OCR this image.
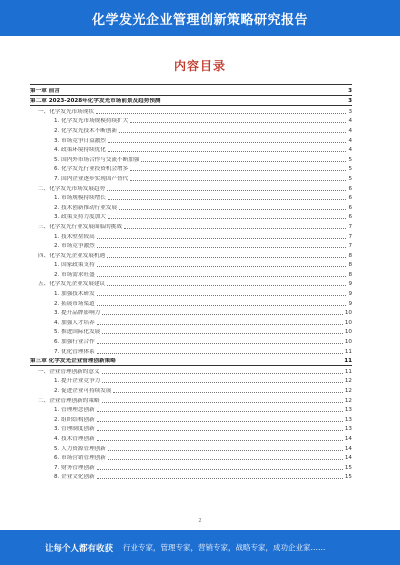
化学发光企业管理创新策略研究报告
内容目录
第一章 前言	3
第二章 2023-2028年化学发光市场前景及趋势预测	3
一、化学发光市场现状	3
1. 化学发光市场规模持续扩大	4
2. 化学发光技术不断创新	4
3. 市场竞争日益激烈	4
4. 政策环境持续优化	4
5. 国内外市场合作与交流不断加强	5
6. 化学发光行业投资机会增多	5
7. 国内企业逐步实现国产替代	5
二、化学发光市场发展趋势	6
1. 市场规模持续增长	6
2. 技术创新推动行业发展	6
3. 政策支持力度加大	6
三、化学发光行业发展面临的挑战	7
1. 技术壁垒较高	7
2. 市场竞争激烈	7
四、化学发光企业发展机遇	8
1. 国家政策支持	8
2. 市场需求旺盛	8
五、化学发光企业发展建议	9
1. 加强技术研发	9
2. 拓展市场渠道	9
3. 提升品牌影响力	10
4. 加强人才培养	10
5. 推进国际化发展	10
6. 加强行业合作	10
7. 优化管理体系	11
第三章 化学发光企业管理创新策略	11
一、企业管理创新的意义	11
1. 提升企业竞争力	12
2. 促进企业可持续发展	12
二、企业管理创新的策略	12
1. 管理理念创新	13
2. 组织结构创新	13
3. 管理制度创新	13
4. 技术管理创新	14
5. 人力资源管理创新	14
6. 市场营销管理创新	14
7. 财务管理创新	15
8. 企业文化创新	15
2
让每个人都有收获 行业专家，管理专家，营销专家，战略专家，成功企业家……
